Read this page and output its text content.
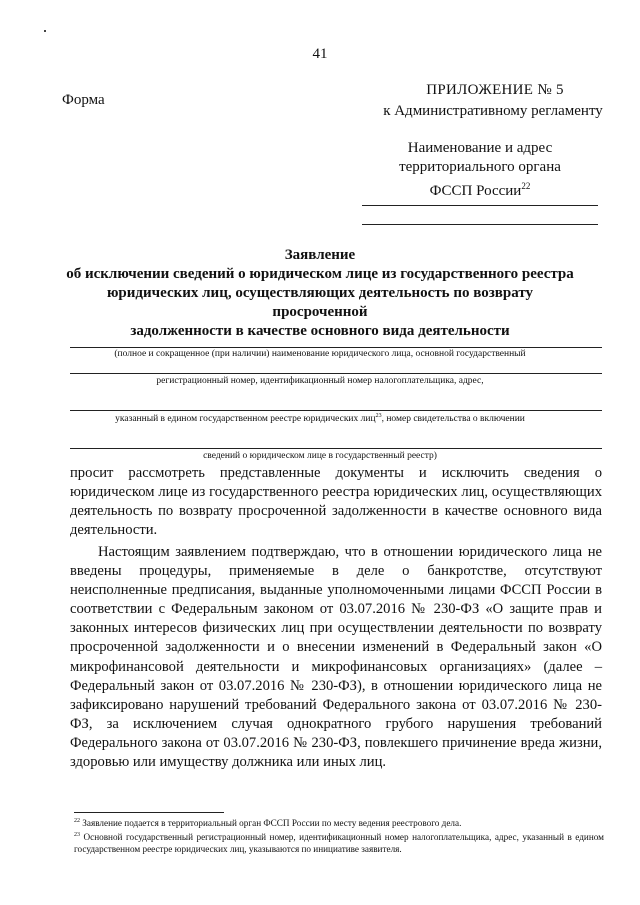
41
Форма
ПРИЛОЖЕНИЕ № 5
к Административному регламенту
Наименование и адрес
территориального органа
ФССП России$^{22}$
Заявление
об исключении сведений о юридическом лице из государственного реестра
юридических лиц, осуществляющих деятельность по возврату просроченной
задолженности в качестве основного вида деятельности
(полное и сокращенное (при наличии) наименование юридического лица, основной государственный
регистрационный номер, идентификационный номер налогоплательщика, адрес,
указанный в едином государственном реестре юридических лиц$^{23}$, номер свидетельства о включении
сведений о юридическом лице в государственный реестр)
просит рассмотреть представленные документы и исключить сведения о юридическом лице из государственного реестра юридических лиц, осуществляющих деятельность по возврату просроченной задолженности в качестве основного вида деятельности.
Настоящим заявлением подтверждаю, что в отношении юридического лица не введены процедуры, применяемые в деле о банкротстве, отсутствуют неисполненные предписания, выданные уполномоченными лицами ФССП России в соответствии с Федеральным законом от 03.07.2016 № 230-ФЗ «О защите прав и законных интересов физических лиц при осуществлении деятельности по возврату просроченной задолженности и о внесении изменений в Федеральный закон «О микрофинансовой деятельности и микрофинансовых организациях» (далее – Федеральный закон от 03.07.2016 № 230-ФЗ), в отношении юридического лица не зафиксировано нарушений требований Федерального закона от 03.07.2016 № 230-ФЗ, за исключением случая однократного грубого нарушения требований Федерального закона от 03.07.2016 № 230-ФЗ, повлекшего причинение вреда жизни, здоровью или имуществу должника или иных лиц.
$^{22}$ Заявление подается в территориальный орган ФССП России по месту ведения реестрового дела.
$^{23}$ Основной государственный регистрационный номер, идентификационный номер налогоплательщика, адрес, указанный в едином государственном реестре юридических лиц, указываются по инициативе заявителя.
